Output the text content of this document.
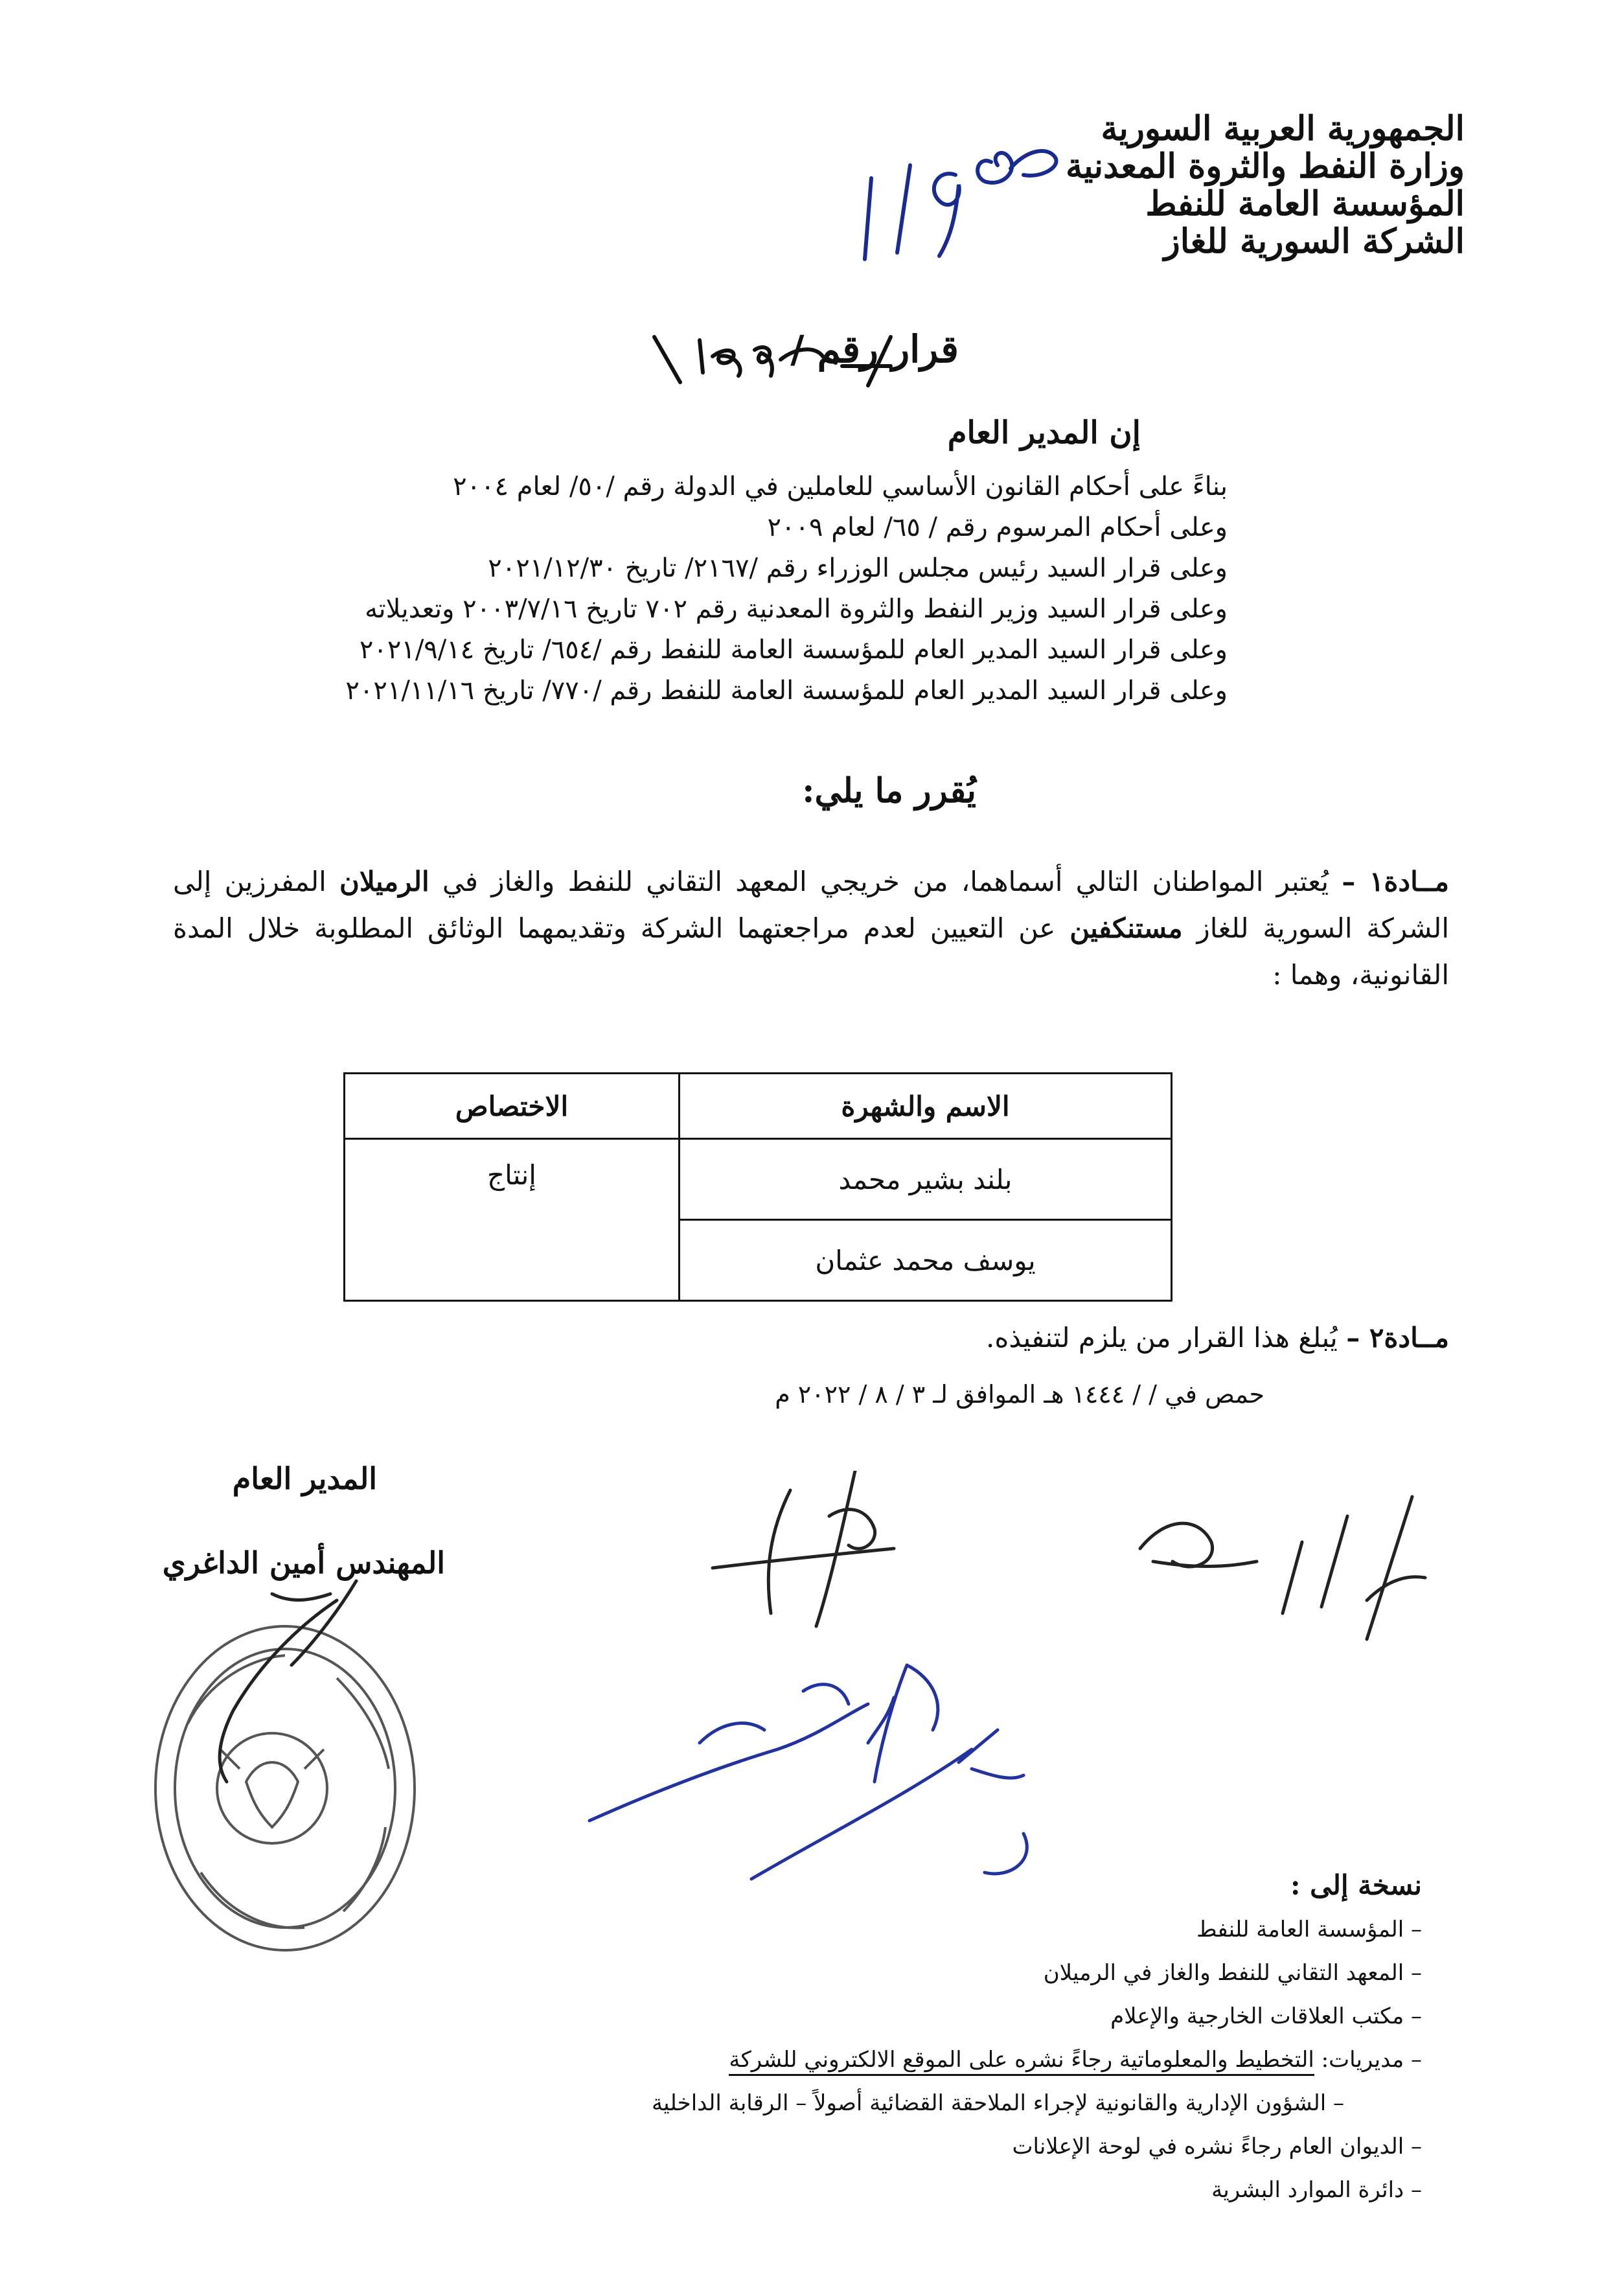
الجمهورية العربية السورية
وزارة النفط والثروة المعدنية
المؤسسة العامة للنفط
الشركة السورية للغاز
قرار رقم /
إن المدير العام
بناءً على أحكام القانون الأساسي للعاملين في الدولة رقم /٥٠/ لعام ٢٠٠٤
وعلى أحكام المرسوم رقم / ٦٥/ لعام ٢٠٠٩
وعلى قرار السيد رئيس مجلس الوزراء رقم /٢١٦٧/ تاريخ ٢٠٢١/١٢/٣٠
وعلى قرار السيد وزير النفط والثروة المعدنية رقم ٧٠٢ تاريخ ٢٠٠٣/٧/١٦ وتعديلاته
وعلى قرار السيد المدير العام للمؤسسة العامة للنفط رقم /٦٥٤/ تاريخ ٢٠٢١/٩/١٤
وعلى قرار السيد المدير العام للمؤسسة العامة للنفط رقم /٧٧٠/ تاريخ ٢٠٢١/١١/١٦
يُقرر ما يلي:
مــادة١ – يُعتبر المواطنان التالي أسماهما، من خريجي المعهد التقاني للنفط والغاز في الرميلان المفرزين إلى الشركة السورية للغاز مستنكفين عن التعيين لعدم مراجعتهما الشركة وتقديمهما الوثائق المطلوبة خلال المدة القانونية، وهما :
الاسم والشهرة	الاختصاص
بلند بشير محمد	إنتاج
يوسف محمد عثمان	
مــادة٢ – يُبلغ هذا القرار من يلزم لتنفيذه.
حمص في / / ١٤٤٤ هـ الموافق لـ ٣ / ٨ / ٢٠٢٢ م
المدير العام
المهندس أمين الداغري
نسخة إلى :
– المؤسسة العامة للنفط
– المعهد التقاني للنفط والغاز في الرميلان
– مكتب العلاقات الخارجية والإعلام
– مديريات: التخطيط والمعلوماتية رجاءً نشره على الموقع الالكتروني للشركة
– الشؤون الإدارية والقانونية لإجراء الملاحقة القضائية أصولاً – الرقابة الداخلية
– الديوان العام رجاءً نشره في لوحة الإعلانات
– دائرة الموارد البشرية
